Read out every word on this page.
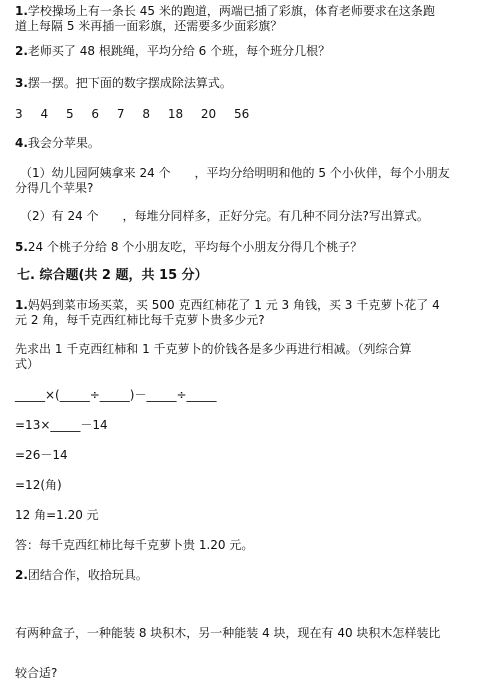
1.学校操场上有一条长 45 米的跑道，两端已插了彩旗，体育老师要求在这条跑
道上每隔 5 米再插一面彩旗，还需要多少面彩旗？
2.老师买了 48 根跳绳，平均分给 6 个班，每个班分几根？
3.摆一摆。把下面的数字摆成除法算式。
3 4 5 6 7 8 18 20 56
4.我会分苹果。
（1）幼儿园阿姨拿来 24 个　　，平均分给明明和他的 5 个小伙伴，每个小朋友
分得几个苹果?
（2）有 24 个　　，每堆分同样多，正好分完。有几种不同分法?写出算式。
5.24 个桃子分给 8 个小朋友吃，平均每个小朋友分得几个桃子？
七. 综合题(共 2 题，共 15 分）
1.妈妈到菜市场买菜，买 500 克西红柿花了 1 元 3 角钱，买 3 千克萝卜花了 4
元 2 角，每千克西红柿比每千克萝卜贵多少元?
先求出 1 千克西红柿和 1 千克萝卜的价钱各是多少再进行相减。（列综合算
式）
_____×(_____÷_____)－_____÷_____
=13×_____－14
=26－14
=12(角)
12 角=1.20 元
答：每千克西红柿比每千克萝卜贵 1.20 元。
2.团结合作，收拾玩具。
有两种盒子，一种能装 8 块积木，另一种能装 4 块，现在有 40 块积木怎样装比
较合适?
